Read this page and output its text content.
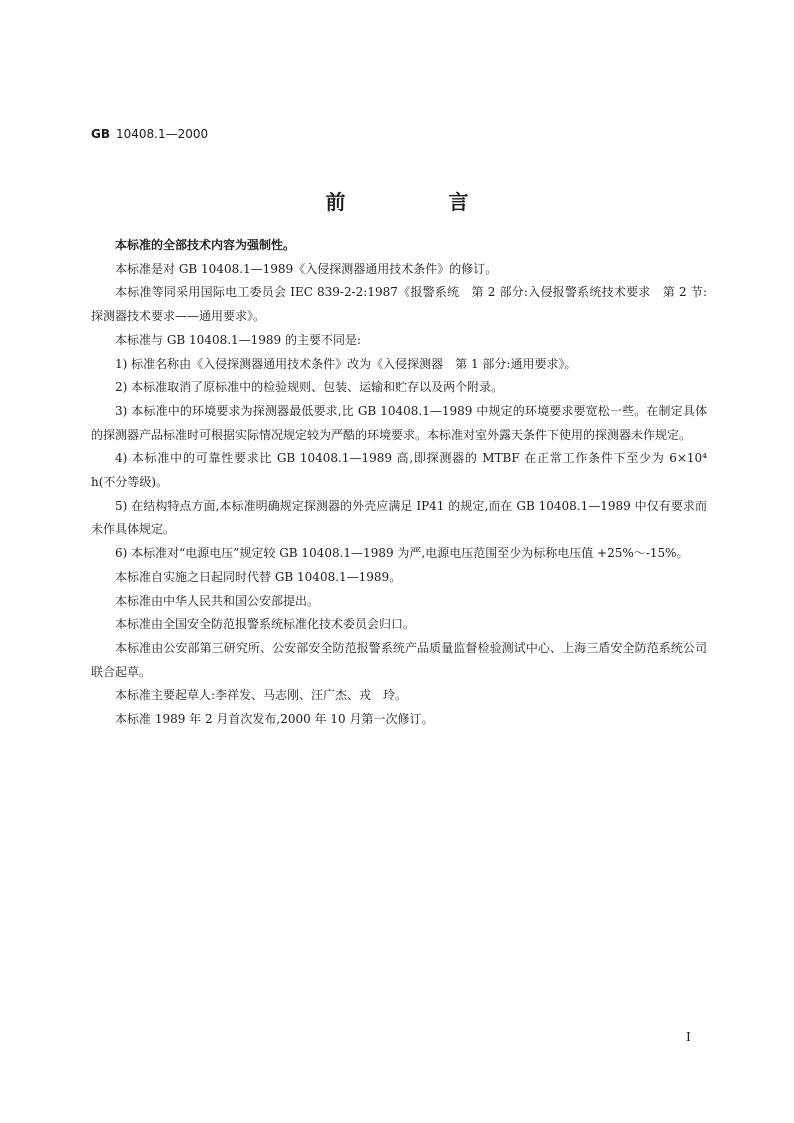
GB 10408.1—2000
前 言

本标准的全部技术内容为强制性。

本标准是对 GB 10408.1—1989《入侵探测器通用技术条件》的修订。

本标准等同采用国际电工委员会 IEC 839-2-2:1987《报警系统　第 2 部分:入侵报警系统技术要求　第 2 节:探测器技术要求——通用要求》。

本标准与 GB 10408.1—1989 的主要不同是:

1) 标准名称由《入侵探测器通用技术条件》改为《入侵探测器　第 1 部分:通用要求》。

2) 本标准取消了原标准中的检验规则、包装、运输和贮存以及两个附录。

3) 本标准中的环境要求为探测器最低要求,比 GB 10408.1—1989 中规定的环境要求要宽松一些。在制定具体的探测器产品标准时可根据实际情况规定较为严酷的环境要求。本标准对室外露天条件下使用的探测器未作规定。

4) 本标准中的可靠性要求比 GB 10408.1—1989 高,即探测器的 MTBF 在正常工作条件下至少为 6×10⁴ h(不分等级)。

5) 在结构特点方面,本标准明确规定探测器的外壳应满足 IP41 的规定,而在 GB 10408.1—1989 中仅有要求而未作具体规定。

6) 本标准对“电源电压”规定较 GB 10408.1—1989 为严,电源电压范围至少为标称电压值 +25%～-15%。

本标准自实施之日起同时代替 GB 10408.1—1989。

本标准由中华人民共和国公安部提出。

本标准由全国安全防范报警系统标准化技术委员会归口。

本标准由公安部第三研究所、公安部安全防范报警系统产品质量监督检验测试中心、上海三盾安全防范系统公司联合起草。

本标准主要起草人:李祥发、马志刚、汪广杰、戎　玲。

本标准 1989 年 2 月首次发布,2000 年 10 月第一次修订。

I
